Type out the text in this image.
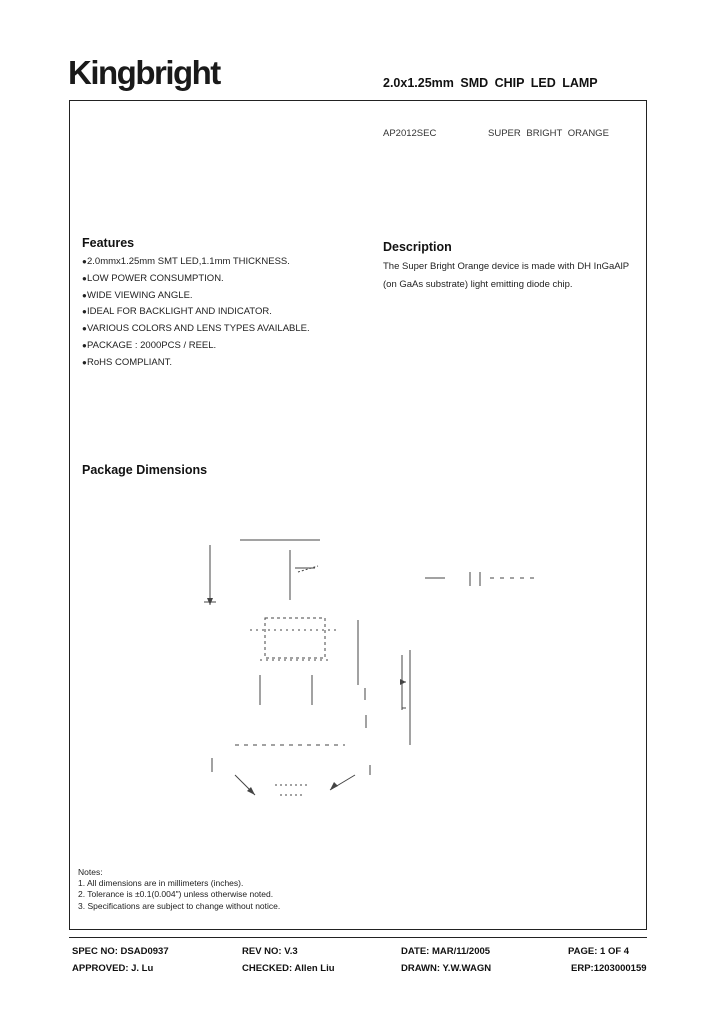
Kingbright	2.0x1.25mm SMD CHIP LED LAMP
AP2012SEC	SUPER BRIGHT ORANGE
Features
●2.0mmx1.25mm SMT LED,1.1mm THICKNESS.
●LOW POWER CONSUMPTION.
●WIDE VIEWING ANGLE.
●IDEAL FOR BACKLIGHT AND INDICATOR.
●VARIOUS COLORS AND LENS TYPES AVAILABLE.
●PACKAGE : 2000PCS / REEL.
●RoHS COMPLIANT.
Description
The Super Bright Orange device is made with DH InGaAlP (on GaAs substrate) light emitting diode chip.
Package Dimensions
Notes:
1. All dimensions are in millimeters (inches).
2. Tolerance is ±0.1(0.004") unless otherwise noted.
3. Specifications are subject to change without notice.
SPEC NO: DSAD0937	REV NO: V.3	DATE: MAR/11/2005	PAGE: 1 OF 4
APPROVED: J. Lu	CHECKED: Allen Liu	DRAWN: Y.W.WAGN	ERP:1203000159
